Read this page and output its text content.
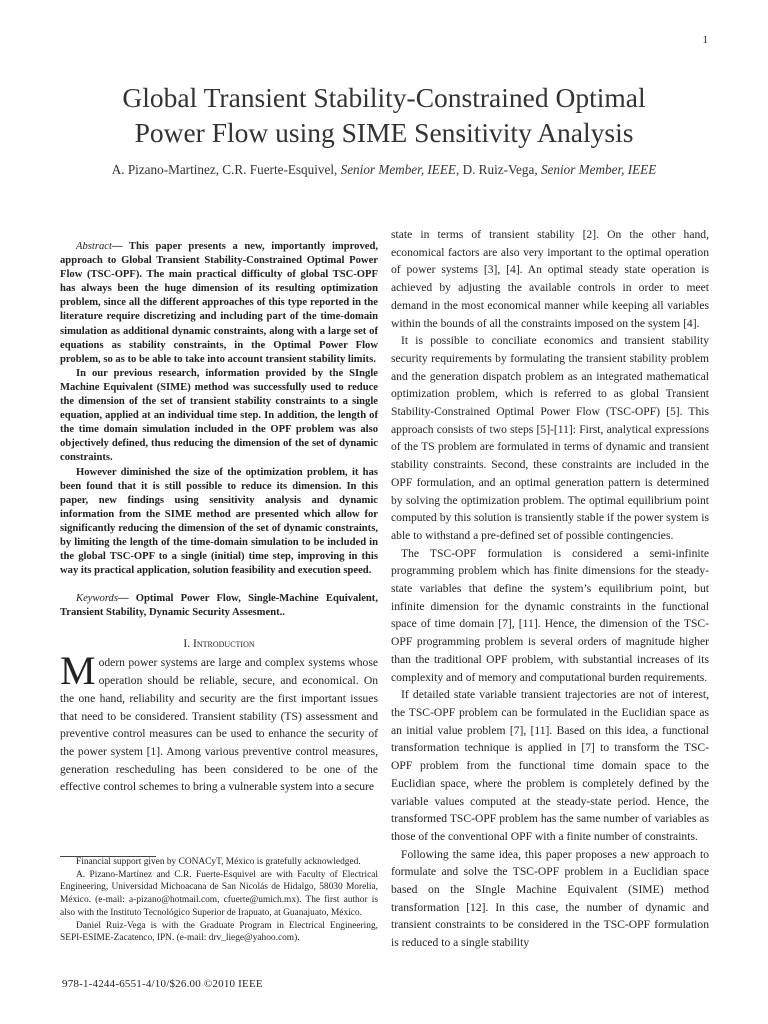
1
Global Transient Stability-Constrained Optimal
Power Flow using SIME Sensitivity Analysis
A. Pizano-Martinez, C.R. Fuerte-Esquivel, Senior Member, IEEE, D. Ruiz-Vega, Senior Member, IEEE

Abstract— This paper presents a new, importantly improved, approach to Global Transient Stability-Constrained Optimal Power Flow (TSC-OPF). The main practical difficulty of global TSC-OPF has always been the huge dimension of its resulting optimization problem, since all the different approaches of this type reported in the literature require discretizing and including part of the time-domain simulation as additional dynamic constraints, along with a large set of equations as stability constraints, in the Optimal Power Flow problem, so as to be able to take into account transient stability limits.

In our previous research, information provided by the SIngle Machine Equivalent (SIME) method was successfully used to reduce the dimension of the set of transient stability constraints to a single equation, applied at an individual time step. In addition, the length of the time domain simulation included in the OPF problem was also objectively defined, thus reducing the dimension of the set of dynamic constraints.

However diminished the size of the optimization problem, it has been found that it is still possible to reduce its dimension. In this paper, new findings using sensitivity analysis and dynamic information from the SIME method are presented which allow for significantly reducing the dimension of the set of dynamic constraints, by limiting the length of the time-domain simulation to be included in the global TSC-OPF to a single (initial) time step, improving in this way its practical application, solution feasibility and execution speed.

Keywords— Optimal Power Flow, Single-Machine Equivalent, Transient Stability, Dynamic Security Assesment..

I. Introduction

Modern power systems are large and complex systems whose operation should be reliable, secure, and economical. On the one hand, reliability and security are the first important issues that need to be considered. Transient stability (TS) assessment and preventive control measures can be used to enhance the security of the power system [1]. Among various preventive control measures, generation rescheduling has been considered to be one of the effective control schemes to bring a vulnerable system into a secure

Financial support given by CONACyT, México is gratefully acknowledged.

A. Pizano-Martínez and C.R. Fuerte-Esquivel are with Faculty of Electrical Engineering, Universidad Michoacana de San Nicolás de Hidalgo, 58030 Morelia, México. (e-mail: a-pizano@hotmail.com, cfuerte@umich.mx). The first author is also with the Instituto Tecnológico Superior de Irapuato, at Guanajuato, México.

Daniel Ruiz-Vega is with the Graduate Program in Electrical Engineering, SEPI-ESIME-Zacatenco, IPN. (e-mail: drv_liege@yahoo.com).

state in terms of transient stability [2]. On the other hand, economical factors are also very important to the optimal operation of power systems [3], [4]. An optimal steady state operation is achieved by adjusting the available controls in order to meet demand in the most economical manner while keeping all variables within the bounds of all the constraints imposed on the system [4].

It is possible to conciliate economics and transient stability security requirements by formulating the transient stability problem and the generation dispatch problem as an integrated mathematical optimization problem, which is referred to as global Transient Stability-Constrained Optimal Power Flow (TSC-OPF) [5]. This approach consists of two steps [5]-[11]: First, analytical expressions of the TS problem are formulated in terms of dynamic and transient stability constraints. Second, these constraints are included in the OPF formulation, and an optimal generation pattern is determined by solving the optimization problem. The optimal equilibrium point computed by this solution is transiently stable if the power system is able to withstand a pre-defined set of possible contingencies.

The TSC-OPF formulation is considered a semi-infinite programming problem which has finite dimensions for the steady-state variables that define the system’s equilibrium point, but infinite dimension for the dynamic constraints in the functional space of time domain [7], [11]. Hence, the dimension of the TSC-OPF programming problem is several orders of magnitude higher than the traditional OPF problem, with substantial increases of its complexity and of memory and computational burden requirements.

If detailed state variable transient trajectories are not of interest, the TSC-OPF problem can be formulated in the Euclidian space as an initial value problem [7], [11]. Based on this idea, a functional transformation technique is applied in [7] to transform the TSC-OPF problem from the functional time domain space to the Euclidian space, where the problem is completely defined by the variable values computed at the steady-state period. Hence, the transformed TSC-OPF problem has the same number of variables as those of the conventional OPF with a finite number of constraints.

Following the same idea, this paper proposes a new approach to formulate and solve the TSC-OPF problem in a Euclidian space based on the SIngle Machine Equivalent (SIME) method transformation [12]. In this case, the number of dynamic and transient constraints to be considered in the TSC-OPF formulation is reduced to a single stability

978-1-4244-6551-4/10/$26.00 ©2010 IEEE
